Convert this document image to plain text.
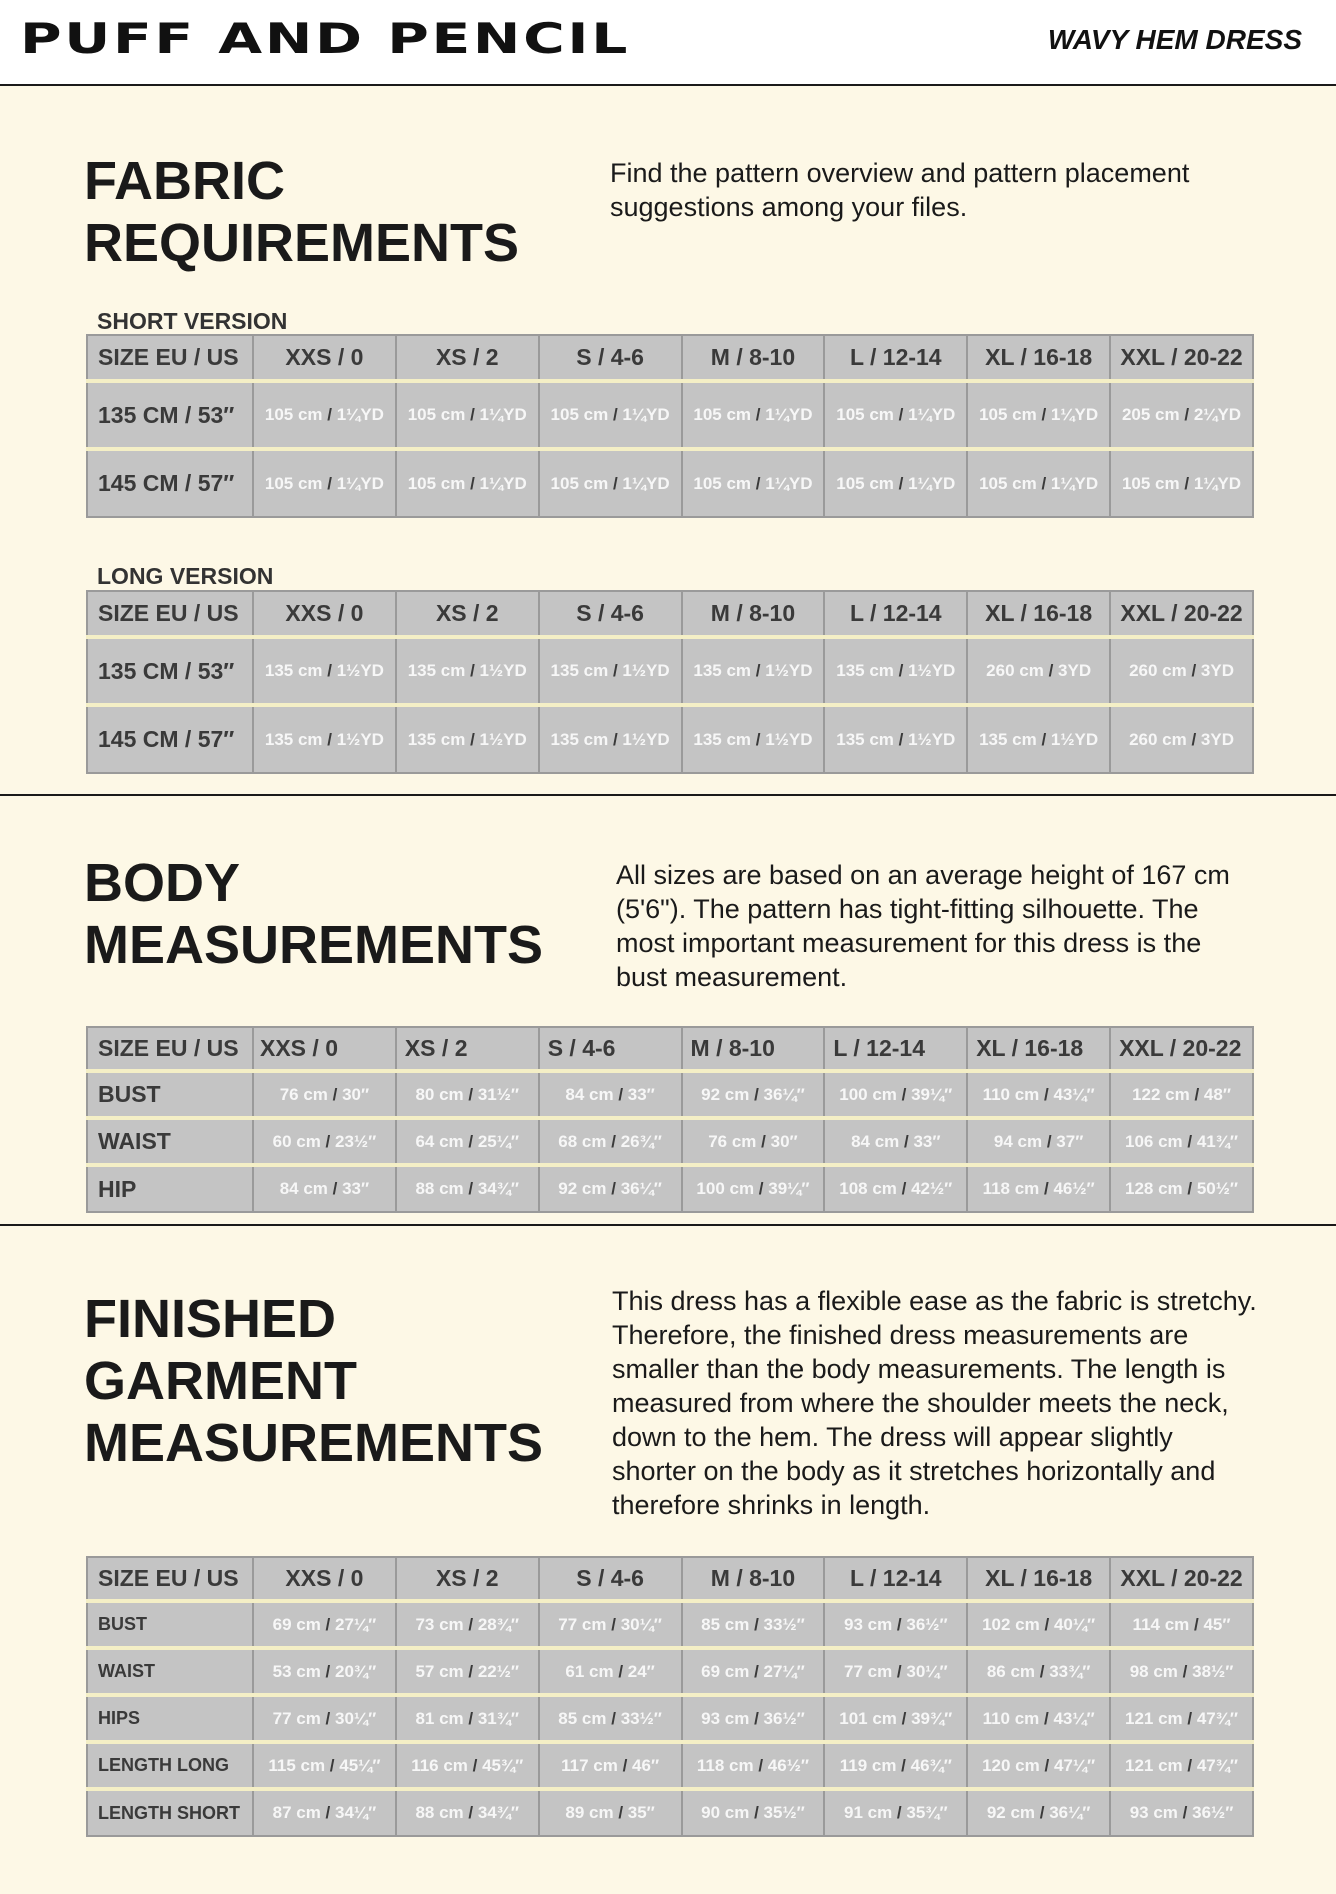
PUFF AND PENCIL	WAVY HEM DRESS
FABRIC
REQUIREMENTS
Find the pattern overview and pattern placement suggestions among your files.
SHORT VERSION
SIZE EU / US	XXS / 0	XS / 2	S / 4-6	M / 8-10	L / 12-14	XL / 16-18	XXL / 20-22
135 CM / 53″	105 cm / 1¼YD	105 cm / 1¼YD	105 cm / 1¼YD	105 cm / 1¼YD	105 cm / 1¼YD	105 cm / 1¼YD	205 cm / 2¼YD
145 CM / 57″	105 cm / 1¼YD	105 cm / 1¼YD	105 cm / 1¼YD	105 cm / 1¼YD	105 cm / 1¼YD	105 cm / 1¼YD	105 cm / 1¼YD
LONG VERSION
SIZE EU / US	XXS / 0	XS / 2	S / 4-6	M / 8-10	L / 12-14	XL / 16-18	XXL / 20-22
135 CM / 53″	135 cm / 1½YD	135 cm / 1½YD	135 cm / 1½YD	135 cm / 1½YD	135 cm / 1½YD	260 cm / 3YD	260 cm / 3YD
145 CM / 57″	135 cm / 1½YD	135 cm / 1½YD	135 cm / 1½YD	135 cm / 1½YD	135 cm / 1½YD	135 cm / 1½YD	260 cm / 3YD
BODY
MEASUREMENTS
All sizes are based on an average height of 167 cm (5'6"). The pattern has tight-fitting silhouette. The most important measurement for this dress is the bust measurement.
SIZE EU / US	XXS / 0	XS / 2	S / 4-6	M / 8-10	L / 12-14	XL / 16-18	XXL / 20-22
BUST	76 cm / 30″	80 cm / 31½″	84 cm / 33″	92 cm / 36¼″	100 cm / 39¼″	110 cm / 43¼″	122 cm / 48″
WAIST	60 cm / 23½″	64 cm / 25¼″	68 cm / 26¾″	76 cm / 30″	84 cm / 33″	94 cm / 37″	106 cm / 41¾″
HIP	84 cm / 33″	88 cm / 34¾″	92 cm / 36¼″	100 cm / 39¼″	108 cm / 42½″	118 cm / 46½″	128 cm / 50½″
FINISHED
GARMENT
MEASUREMENTS
This dress has a flexible ease as the fabric is stretchy. Therefore, the finished dress measurements are smaller than the body measurements. The length is measured from where the shoulder meets the neck, down to the hem. The dress will appear slightly shorter on the body as it stretches horizontally and therefore shrinks in length.
SIZE EU / US	XXS / 0	XS / 2	S / 4-6	M / 8-10	L / 12-14	XL / 16-18	XXL / 20-22
BUST	69 cm / 27¼″	73 cm / 28¾″	77 cm / 30¼″	85 cm / 33½″	93 cm / 36½″	102 cm / 40¼″	114 cm / 45″
WAIST	53 cm / 20¾″	57 cm / 22½″	61 cm / 24″	69 cm / 27¼″	77 cm / 30¼″	86 cm / 33¾″	98 cm / 38½″
HIPS	77 cm / 30¼″	81 cm / 31¾″	85 cm / 33½″	93 cm / 36½″	101 cm / 39¾″	110 cm / 43¼″	121 cm / 47¾″
LENGTH LONG	115 cm / 45¼″	116 cm / 45¾″	117 cm / 46″	118 cm / 46½″	119 cm / 46¾″	120 cm / 47¼″	121 cm / 47¾″
LENGTH SHORT	87 cm / 34¼″	88 cm / 34¾″	89 cm / 35″	90 cm / 35½″	91 cm / 35¾″	92 cm / 36¼″	93 cm / 36½″
